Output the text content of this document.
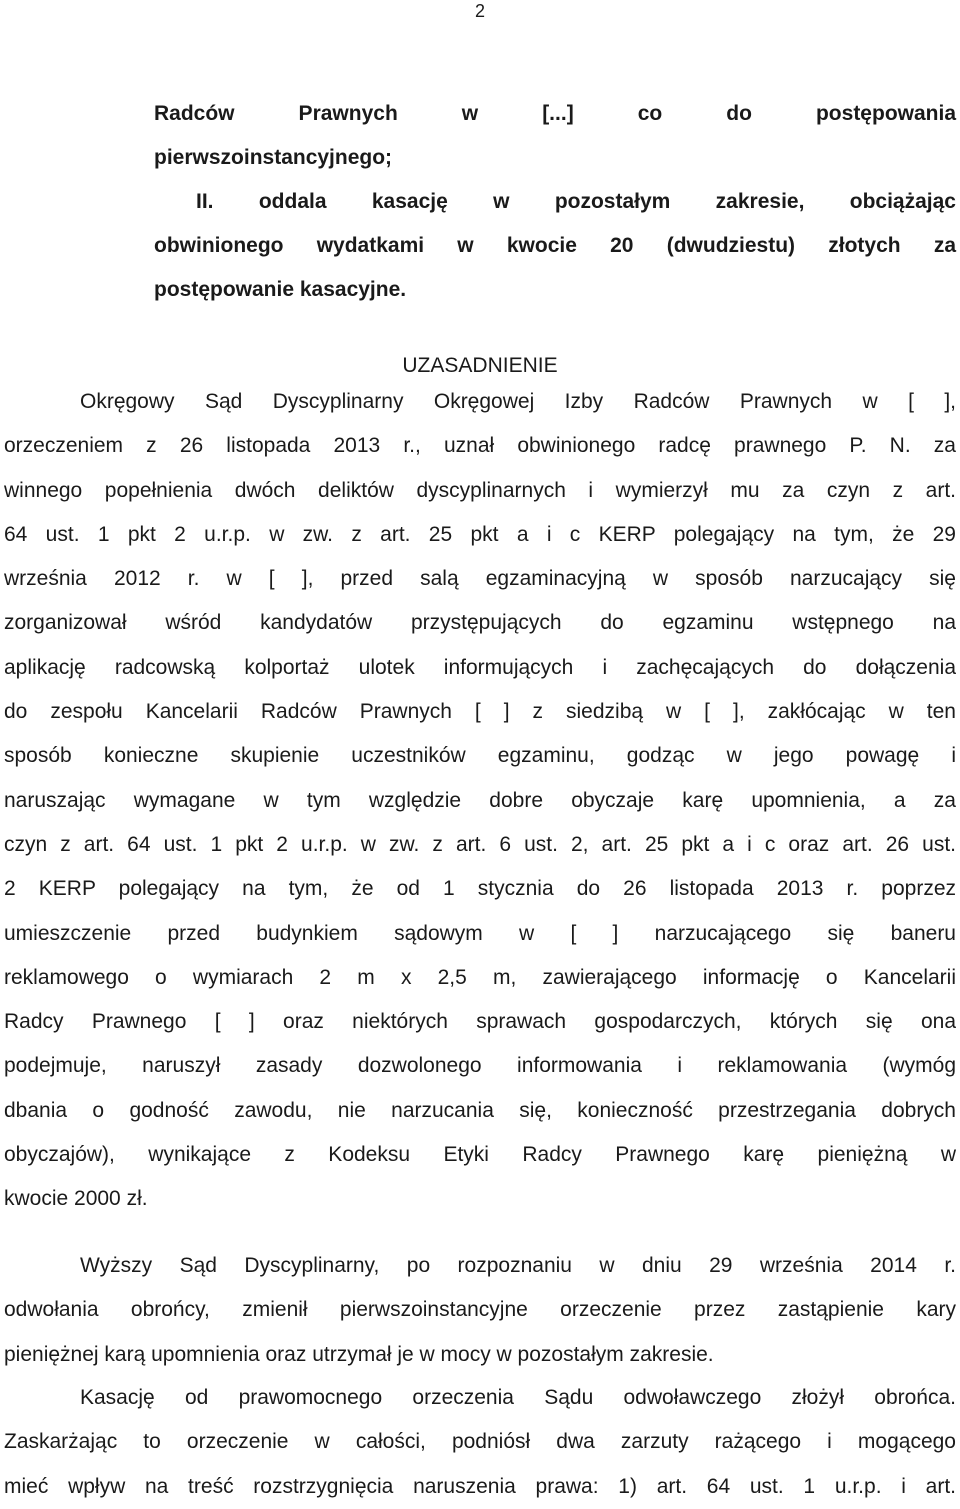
2
Radców Prawnych w [...] co do postępowania
pierwszoinstancyjnego;
II. oddala kasację w pozostałym zakresie, obciążając
obwinionego wydatkami w kwocie 20 (dwudziestu) złotych za
postępowanie kasacyjne.
UZASADNIENIE
Okręgowy Sąd Dyscyplinarny Okręgowej Izby Radców Prawnych w [ ],
orzeczeniem z 26 listopada 2013 r., uznał obwinionego radcę prawnego P. N. za
winnego popełnienia dwóch deliktów dyscyplinarnych i wymierzył mu za czyn z art.
64 ust. 1 pkt 2 u.r.p. w zw. z art. 25 pkt a i c KERP polegający na tym, że 29
września 2012 r. w [ ], przed salą egzaminacyjną w sposób narzucający się
zorganizował wśród kandydatów przystępujących do egzaminu wstępnego na
aplikację radcowską kolportaż ulotek informujących i zachęcających do dołączenia
do zespołu Kancelarii Radców Prawnych [ ] z siedzibą w [ ], zakłócając w ten
sposób konieczne skupienie uczestników egzaminu, godząc w jego powagę i
naruszając wymagane w tym względzie dobre obyczaje karę upomnienia, a za
czyn z art. 64 ust. 1 pkt 2 u.r.p. w zw. z art. 6 ust. 2, art. 25 pkt a i c oraz art. 26 ust.
2 KERP polegający na tym, że od 1 stycznia do 26 listopada 2013 r. poprzez
umieszczenie przed budynkiem sądowym w [ ] narzucającego się baneru
reklamowego o wymiarach 2 m x 2,5 m, zawierającego informację o Kancelarii
Radcy Prawnego [ ] oraz niektórych sprawach gospodarczych, których się ona
podejmuje, naruszył zasady dozwolonego informowania i reklamowania (wymóg
dbania o godność zawodu, nie narzucania się, konieczność przestrzegania dobrych
obyczajów), wynikające z Kodeksu Etyki Radcy Prawnego karę pieniężną w
kwocie 2000 zł.
Wyższy Sąd Dyscyplinarny, po rozpoznaniu w dniu 29 września 2014 r.
odwołania obrońcy, zmienił pierwszoinstancyjne orzeczenie przez zastąpienie kary
pieniężnej karą upomnienia oraz utrzymał je w mocy w pozostałym zakresie.
Kasację od prawomocnego orzeczenia Sądu odwoławczego złożył obrońca.
Zaskarżając to orzeczenie w całości, podniósł dwa zarzuty rażącego i mogącego
mieć wpływ na treść rozstrzygnięcia naruszenia prawa: 1) art. 64 ust. 1 u.r.p. i art.
